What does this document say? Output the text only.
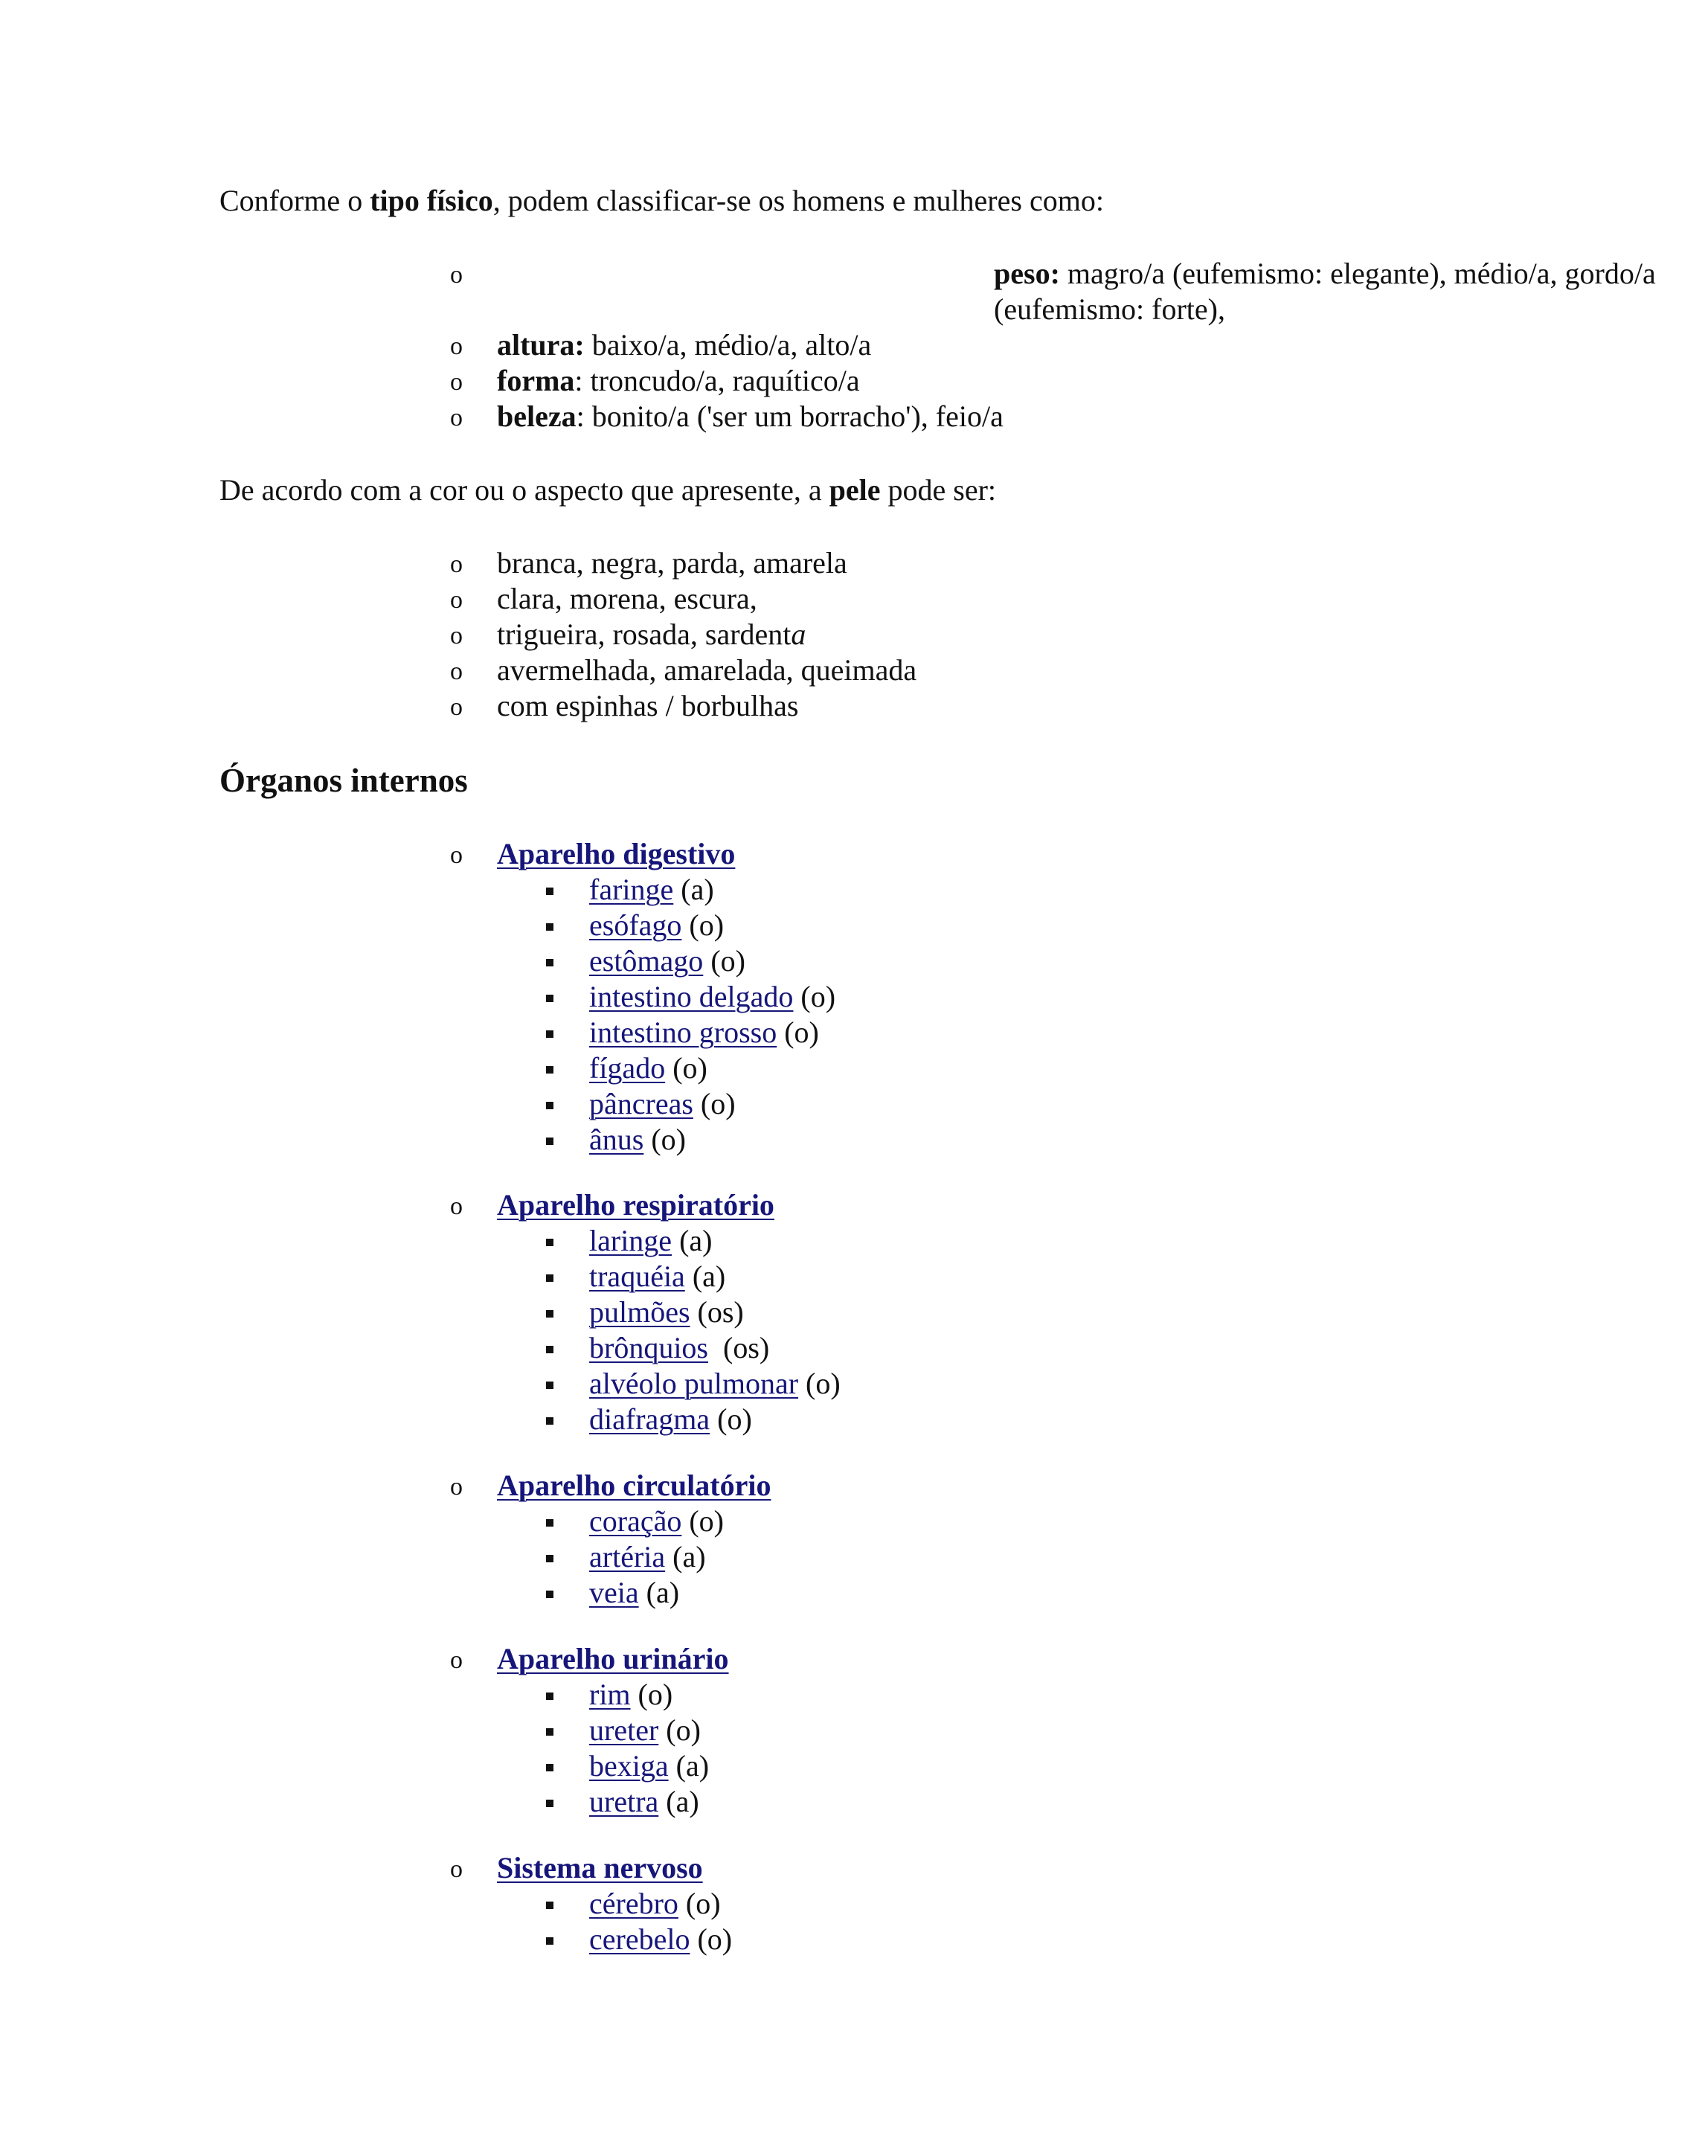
Conforme o tipo físico, podem classificar-se os homens e mulheres como:

o	peso: magro/a (eufemismo: elegante), médio/a, gordo/a (eufemismo: forte),
o altura: baixo/a, médio/a, alto/a
o forma: troncudo/a, raquítico/a
o beleza: bonito/a ('ser um borracho'), feio/a

De acordo com a cor ou o aspecto que apresente, a pele pode ser:

o branca, negra, parda, amarela
o clara, morena, escura,
o trigueira, rosada, sardenta
o avermelhada, amarelada, queimada
o com espinhas / borbulhas
Órganos internos
o Aparelho digestivo
faringe (a)
esófago (o)
estômago (o)
intestino delgado (o)
intestino grosso (o)
fígado (o)
pâncreas (o)
ânus (o)
o Aparelho respiratório
laringe (a)
traquéia (a)
pulmões (os)
brônquios  (os)
alvéolo pulmonar (o)
diafragma (o)
o Aparelho circulatório
coração (o)
artéria (a)
veia (a)
o Aparelho urinário
rim (o)
ureter (o)
bexiga (a)
uretra (a)
o Sistema nervoso
cérebro (o)
cerebelo (o)
